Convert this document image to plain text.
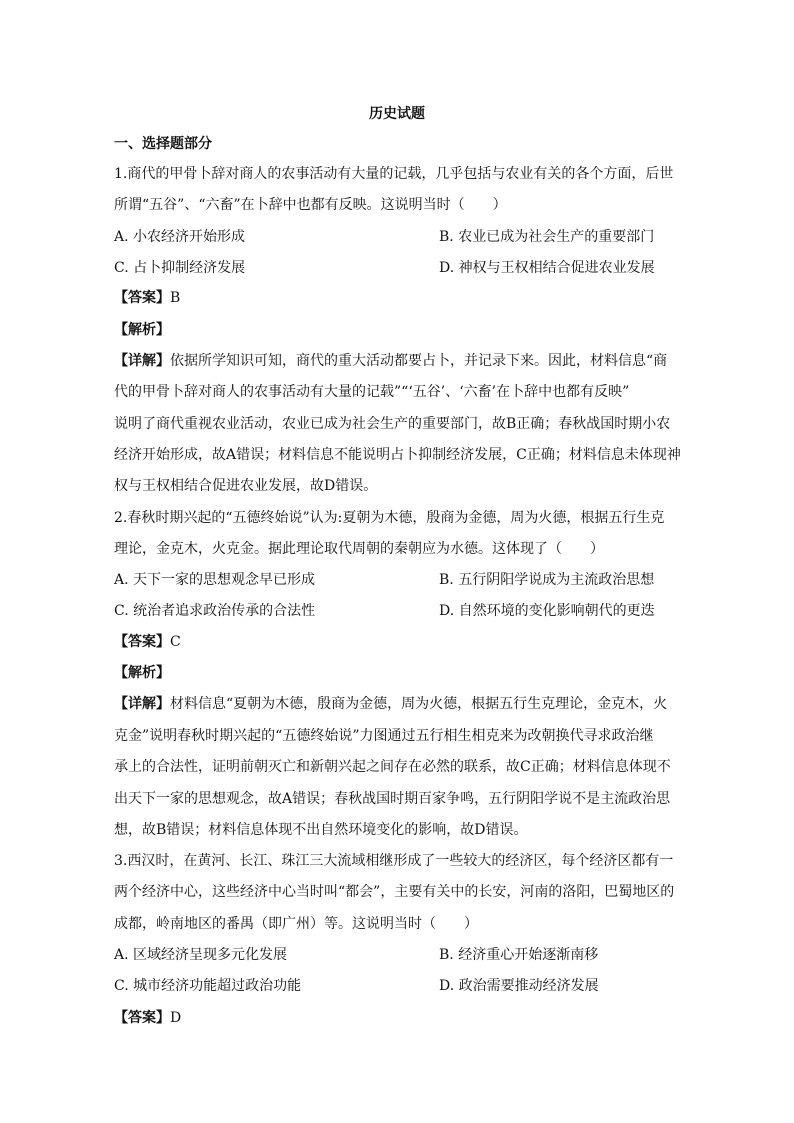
历史试题
一、选择题部分
1.商代的甲骨卜辞对商人的农事活动有大量的记载，几乎包括与农业有关的各个方面，后世
所谓“五谷”、“六畜”在卜辞中也都有反映。这说明当时（　　）
A. 小农经济开始形成	B. 农业已成为社会生产的重要部门
C. 占卜抑制经济发展	D. 神权与王权相结合促进农业发展
【答案】B
【解析】
【详解】依据所学知识可知，商代的重大活动都要占卜，并记录下来。因此，材料信息“商
代的甲骨卜辞对商人的农事活动有大量的记载”“‘五谷’、‘六畜’在卜辞中也都有反映”
说明了商代重视农业活动，农业已成为社会生产的重要部门，故B正确；春秋战国时期小农
经济开始形成，故A错误；材料信息不能说明占卜抑制经济发展，C正确；材料信息未体现神
权与王权相结合促进农业发展，故D错误。
2.春秋时期兴起的“五德终始说”认为:夏朝为木德，殷商为金德，周为火德，根据五行生克
理论，金克木，火克金。据此理论取代周朝的秦朝应为水德。这体现了（　　）
A. 天下一家的思想观念早已形成	B. 五行阴阳学说成为主流政治思想
C. 统治者追求政治传承的合法性	D. 自然环境的变化影响朝代的更迭
【答案】C
【解析】
【详解】材料信息“夏朝为木德，殷商为金德，周为火德，根据五行生克理论，金克木，火
克金”说明春秋时期兴起的“五德终始说”力图通过五行相生相克来为改朝换代寻求政治继
承上的合法性，证明前朝灭亡和新朝兴起之间存在必然的联系，故C正确；材料信息体现不
出天下一家的思想观念，故A错误；春秋战国时期百家争鸣，五行阴阳学说不是主流政治思
想，故B错误；材料信息体现不出自然环境变化的影响，故D错误。
3.西汉时，在黄河、长江、珠江三大流域相继形成了一些较大的经济区，每个经济区都有一
两个经济中心，这些经济中心当时叫“都会”，主要有关中的长安，河南的洛阳，巴蜀地区的
成都，岭南地区的番禺（即广州）等。这说明当时（　　）
A. 区域经济呈现多元化发展	B. 经济重心开始逐渐南移
C. 城市经济功能超过政治功能	D. 政治需要推动经济发展
【答案】D
